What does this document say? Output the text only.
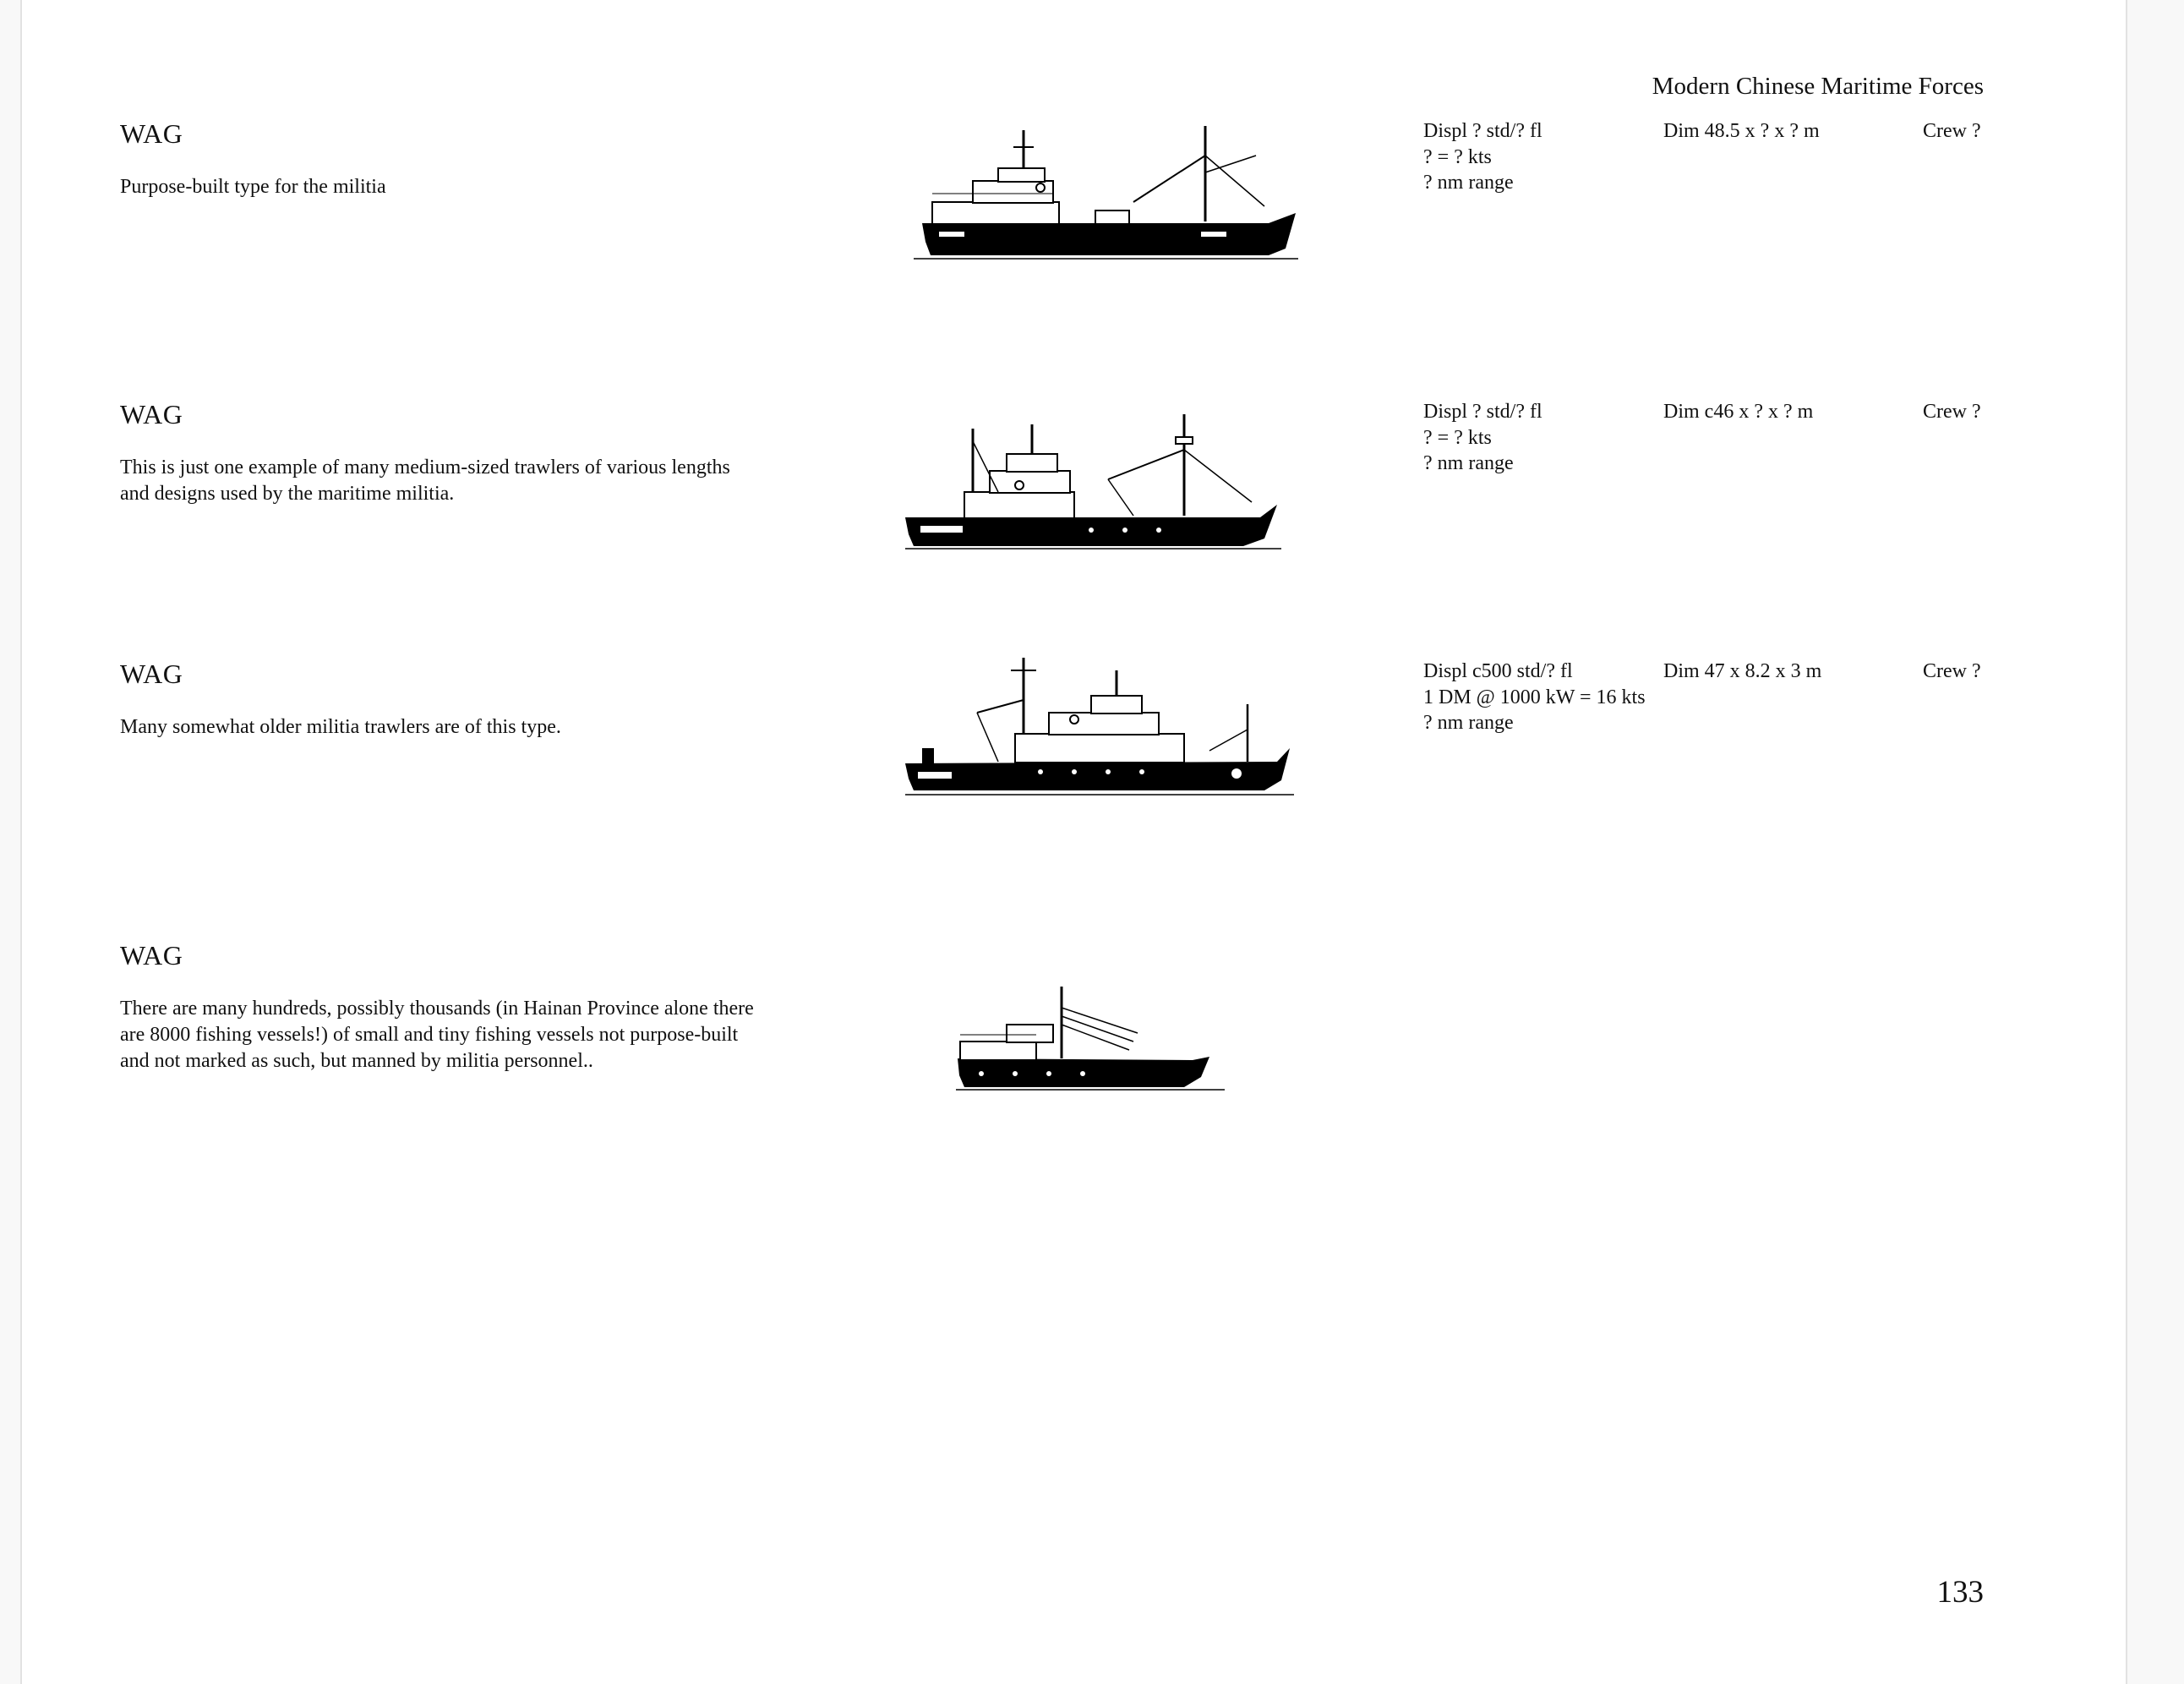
Modern Chinese Maritime Forces
WAG
Purpose-built type for the militia
Displ ? std/? fl
? = ? kts
? nm range
Dim 48.5 x ? x ? m	Crew ?
WAG
This is just one example of many medium-sized trawlers of various lengths and designs used by the maritime militia.
Displ ? std/? fl
? = ? kts
? nm range
Dim c46 x ? x ? m	Crew ?
WAG
Many somewhat older militia trawlers are of this type.
Displ c500 std/? fl
1 DM @ 1000 kW = 16 kts
? nm range
Dim 47 x 8.2 x 3 m	Crew ?
WAG
There are many hundreds, possibly thousands (in Hainan Province alone there are 8000 fishing vessels!) of small and tiny fishing vessels not purpose-built and not marked as such, but manned by militia personnel..
133
